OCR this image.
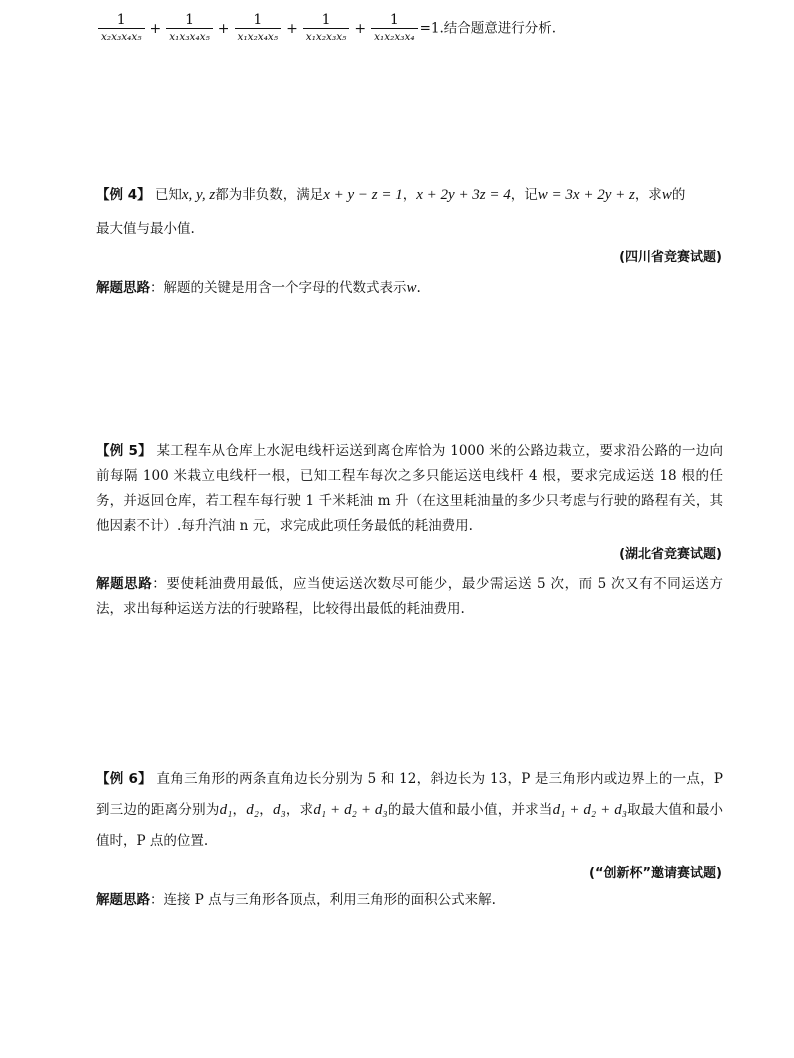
$\frac{1}{\text{x₂x₃x₄x₅}} + \frac{1}{\text{x₁x₃x₄x₅}} + \frac{1}{\text{x₁x₂x₄x₅}} + \frac{1}{\text{x₁x₂x₃x₅}} + \frac{1}{\text{x₁x₂x₃x₄}} =1$.结合题意进行分析.
【例 4】 已知x, y, z都为非负数，满足x + y − z = 1，x + 2y + 3z = 4，记w = 3x + 2y + z，求w的
最大值与最小值.
(四川省竞赛试题)
解题思路：解题的关键是用含一个字母的代数式表示w.
【例 5】 某工程车从仓库上水泥电线杆运送到离仓库恰为 1000 米的公路边栽立，要求沿公路的一边向前每隔 100 米栽立电线杆一根，已知工程车每次之多只能运送电线杆 4 根，要求完成运送 18 根的任务，并返回仓库，若工程车每行驶 1 千米耗油 m 升（在这里耗油量的多少只考虑与行驶的路程有关，其他因素不计）.每升汽油 n 元，求完成此项任务最低的耗油费用.
(湖北省竞赛试题)
解题思路：要使耗油费用最低，应当使运送次数尽可能少，最少需运送 5 次，而 5 次又有不同运送方法，求出每种运送方法的行驶路程，比较得出最低的耗油费用.
【例 6】 直角三角形的两条直角边长分别为 5 和 12，斜边长为 13，P 是三角形内或边界上的一点，P 到三边的距离分别为d₁，d₂，d₃，求d₁ + d₂ + d₃的最大值和最小值，并求当d₁ + d₂ + d₃取最大值和最小值时，P 点的位置.
(“创新杯”邀请赛试题)
解题思路：连接 P 点与三角形各顶点，利用三角形的面积公式来解.
